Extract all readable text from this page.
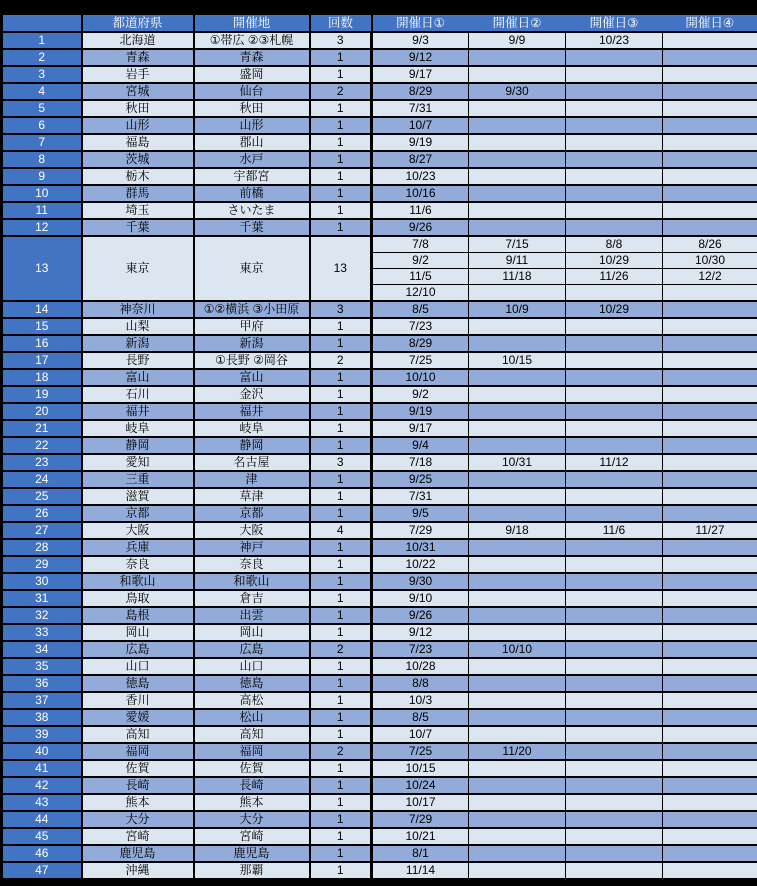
	都道府県	開催地	回数	開催日①	開催日②	開催日③	開催日④
1	北海道	①帯広 ②③札幌	3	9/3	9/9	10/23	
2	青森	青森	1	9/12			
3	岩手	盛岡	1	9/17			
4	宮城	仙台	2	8/29	9/30		
5	秋田	秋田	1	7/31			
6	山形	山形	1	10/7			
7	福島	郡山	1	9/19			
8	茨城	水戸	1	8/27			
9	栃木	宇都宮	1	10/23			
10	群馬	前橋	1	10/16			
11	埼玉	さいたま	1	11/6			
12	千葉	千葉	1	9/26			
13	東京	東京	13	7/8	7/15	8/8	8/26
				9/2	9/11	10/29	10/30
				11/5	11/18	11/26	12/2
				12/10			
14	神奈川	①②横浜 ③小田原	3	8/5	10/9	10/29	
15	山梨	甲府	1	7/23			
16	新潟	新潟	1	8/29			
17	長野	①長野 ②岡谷	2	7/25	10/15		
18	富山	富山	1	10/10			
19	石川	金沢	1	9/2			
20	福井	福井	1	9/19			
21	岐阜	岐阜	1	9/17			
22	静岡	静岡	1	9/4			
23	愛知	名古屋	3	7/18	10/31	11/12	
24	三重	津	1	9/25			
25	滋賀	草津	1	7/31			
26	京都	京都	1	9/5			
27	大阪	大阪	4	7/29	9/18	11/6	11/27
28	兵庫	神戸	1	10/31			
29	奈良	奈良	1	10/22			
30	和歌山	和歌山	1	9/30			
31	鳥取	倉吉	1	9/10			
32	島根	出雲	1	9/26			
33	岡山	岡山	1	9/12			
34	広島	広島	2	7/23	10/10		
35	山口	山口	1	10/28			
36	徳島	徳島	1	8/8			
37	香川	高松	1	10/3			
38	愛媛	松山	1	8/5			
39	高知	高知	1	10/7			
40	福岡	福岡	2	7/25	11/20		
41	佐賀	佐賀	1	10/15			
42	長崎	長崎	1	10/24			
43	熊本	熊本	1	10/17			
44	大分	大分	1	7/29			
45	宮崎	宮崎	1	10/21			
46	鹿児島	鹿児島	1	8/1			
47	沖縄	那覇	1	11/14			
